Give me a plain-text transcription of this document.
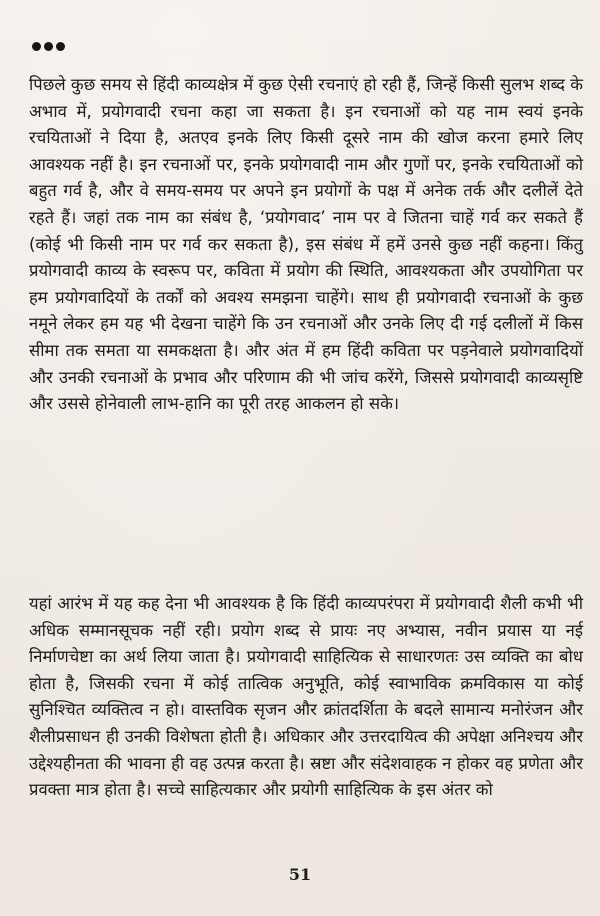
पिछले कुछ समय से हिंदी काव्यक्षेत्र में कुछ ऐसी रचनाएं हो रही हैं, जिन्हें किसी सुलभ शब्द के अभाव में, प्रयोगवादी रचना कहा जा सकता है। इन रचनाओं को यह नाम स्वयं इनके रचयिताओं ने दिया है, अतएव इनके लिए किसी दूसरे नाम की खोज करना हमारे लिए आवश्यक नहीं है। इन रचनाओं पर, इनके प्रयोगवादी नाम और गुणों पर, इनके रचयिताओं को बहुत गर्व है, और वे समय-समय पर अपने इन प्रयोगों के पक्ष में अनेक तर्क और दलीलें देते रहते हैं। जहां तक नाम का संबंध है, ‘प्रयोगवाद’ नाम पर वे जितना चाहें गर्व कर सकते हैं (कोई भी किसी नाम पर गर्व कर सकता है), इस संबंध में हमें उनसे कुछ नहीं कहना। किंतु प्रयोगवादी काव्य के स्वरूप पर, कविता में प्रयोग की स्थिति, आवश्यकता और उपयोगिता पर हम प्रयोगवादियों के तर्कों को अवश्य समझना चाहेंगे। साथ ही प्रयोगवादी रचनाओं के कुछ नमूने लेकर हम यह भी देखना चाहेंगे कि उन रचनाओं और उनके लिए दी गई दलीलों में किस सीमा तक समता या समकक्षता है। और अंत में हम हिंदी कविता पर पड़नेवाले प्रयोगवादियों और उनकी रचनाओं के प्रभाव और परिणाम की भी जांच करेंगे, जिससे प्रयोगवादी काव्यसृष्टि और उससे होनेवाली लाभ-हानि का पूरी तरह आकलन हो सके।

यहां आरंभ में यह कह देना भी आवश्यक है कि हिंदी काव्यपरंपरा में प्रयोगवादी शैली कभी भी अधिक सम्मानसूचक नहीं रही। प्रयोग शब्द से प्रायः नए अभ्यास, नवीन प्रयास या नई निर्माणचेष्टा का अर्थ लिया जाता है। प्रयोगवादी साहित्यिक से साधारणतः उस व्यक्ति का बोध होता है, जिसकी रचना में कोई तात्विक अनुभूति, कोई स्वाभाविक क्रमविकास या कोई सुनिश्चित व्यक्तित्व न हो। वास्तविक सृजन और क्रांतदर्शिता के बदले सामान्य मनोरंजन और शैलीप्रसाधन ही उनकी विशेषता होती है। अधिकार और उत्तरदायित्व की अपेक्षा अनिश्चय और उद्देश्यहीनता की भावना ही वह उत्पन्न करता है। स्रष्टा और संदेशवाहक न होकर वह प्रणेता और प्रवक्ता मात्र होता है। सच्चे साहित्यकार और प्रयोगी साहित्यिक के इस अंतर को

51
